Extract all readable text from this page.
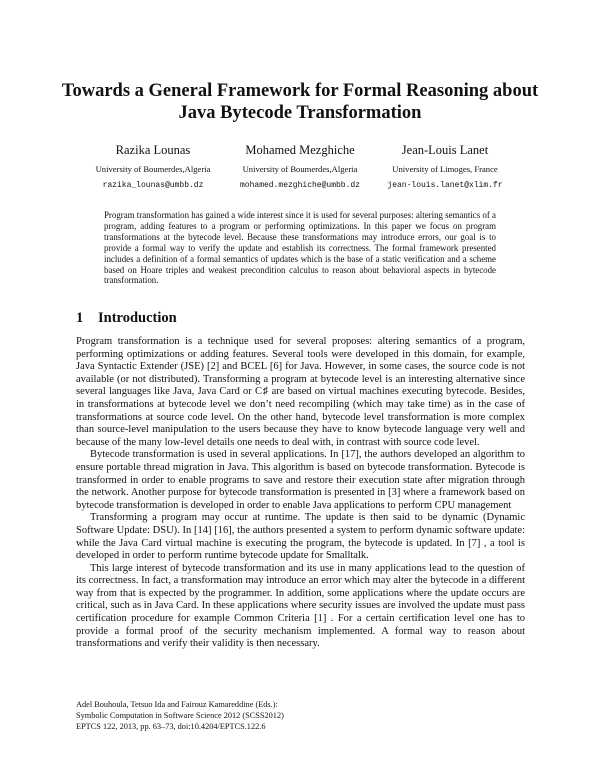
Towards a General Framework for Formal Reasoning about
Java Bytecode Transformation
Razika Lounas
University of Boumerdes,Algeria
razika_lounas@umbb.dz
Mohamed Mezghiche
University of Boumerdes,Algeria
mohamed.mezghiche@umbb.dz
Jean-Louis Lanet
University of Limoges, France
jean-louis.lanet@xlim.fr
Program transformation has gained a wide interest since it is used for several purposes: altering semantics of a program, adding features to a program or performing optimizations. In this paper we focus on program transformations at the bytecode level. Because these transformations may introduce errors, our goal is to provide a formal way to verify the update and establish its correctness. The formal framework presented includes a definition of a formal semantics of updates which is the base of a static verification and a scheme based on Hoare triples and weakest precondition calculus to reason about behavioral aspects in bytecode transformation.
1 Introduction

Program transformation is a technique used for several proposes: altering semantics of a program, performing optimizations or adding features. Several tools were developed in this domain, for example, Java Syntactic Extender (JSE) [2] and BCEL [6] for Java. However, in some cases, the source code is not available (or not distributed). Transforming a program at bytecode level is an interesting alternative since several languages like Java, Java Card or C♯ are based on virtual machines executing bytecode. Besides, in transformations at bytecode level we don’t need recompiling (which may take time) as in the case of transformations at source code level. On the other hand, bytecode level transformation is more complex than source-level manipulation to the users because they have to know bytecode language very well and because of the many low-level details one needs to deal with, in contrast with source code level.

Bytecode transformation is used in several applications. In [17], the authors developed an algorithm to ensure portable thread migration in Java. This algorithm is based on bytecode transformation. Bytecode is transformed in order to enable programs to save and restore their execution state after migration through the network. Another purpose for bytecode transformation is presented in [3] where a framework based on bytecode transformation is developed in order to enable Java applications to perform CPU management

Transforming a program may occur at runtime. The update is then said to be dynamic (Dynamic Software Update: DSU). In [14] [16], the authors presented a system to perform dynamic software update: while the Java Card virtual machine is executing the program, the bytecode is updated. In [7] , a tool is developed in order to perform runtime bytecode update for Smalltalk.

This large interest of bytecode transformation and its use in many applications lead to the question of its correctness. In fact, a transformation may introduce an error which may alter the bytecode in a different way from that is expected by the programmer. In addition, some applications where the update occurs are critical, such as in Java Card. In these applications where security issues are involved the update must pass certification procedure for example Common Criteria [1] . For a certain certification level one has to provide a formal proof of the security mechanism implemented. A formal way to reason about transformations and verify their validity is then necessary.

Adel Bouhoula, Tetsuo Ida and Fairouz Kamareddine (Eds.):
Symbolic Computation in Software Science 2012 (SCSS2012)
EPTCS 122, 2013, pp. 63–73, doi:10.4204/EPTCS.122.6
